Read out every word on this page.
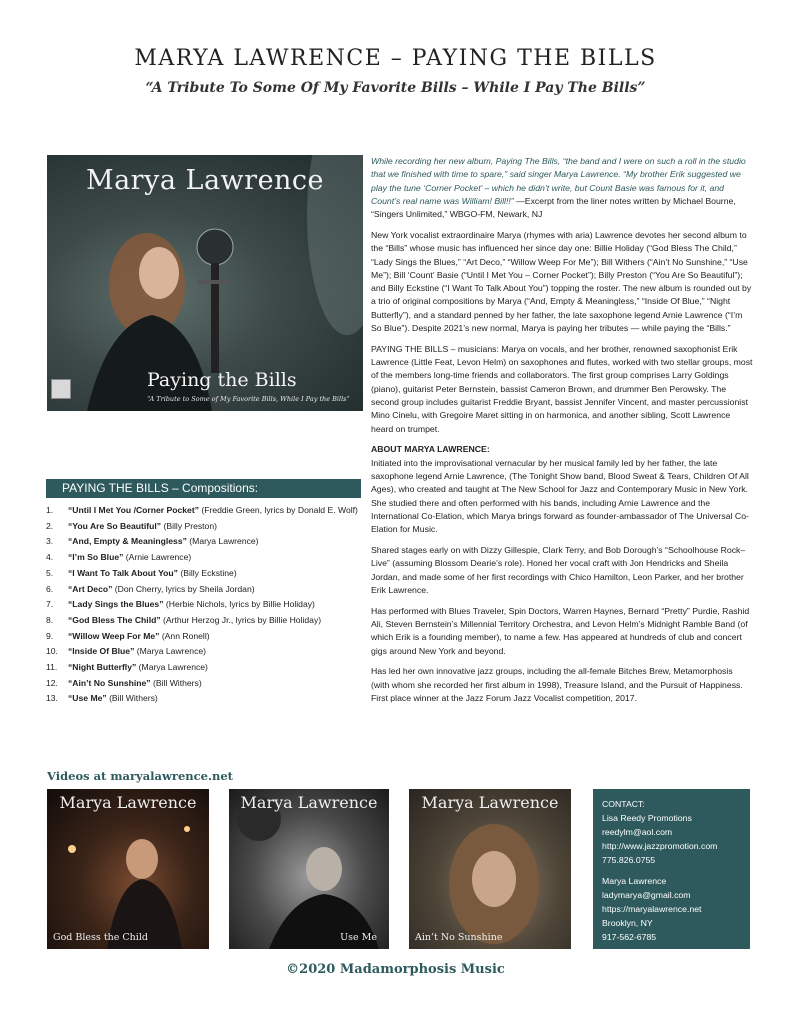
MARYA LAWRENCE – PAYING THE BILLS
“A Tribute To Some Of My Favorite Bills – While I Pay The Bills”
Marya Lawrence
Paying the Bills
“A Tribute to Some of My Favorite Bills, While I Pay the Bills”
PAYING THE BILLS – Compositions:
1. “Until I Met You /Corner Pocket” (Freddie Green, lyrics by Donald E. Wolf)
2. “You Are So Beautiful” (Billy Preston)
3. “And, Empty & Meaningless” (Marya Lawrence)
4. “I’m So Blue” (Arnie Lawrence)
5. “I Want To Talk About You” (Billy Eckstine)
6. “Art Deco” (Don Cherry, lyrics by Sheila Jordan)
7. “Lady Sings the Blues” (Herbie Nichols, lyrics by Billie Holiday)
8. “God Bless The Child” (Arthur Herzog Jr., lyrics by Billie Holiday)
9. “Willow Weep For Me” (Ann Ronell)
10. “Inside Of Blue” (Marya Lawrence)
11. “Night Butterfly” (Marya Lawrence)
12. “Ain’t No Sunshine” (Bill Withers)
13. “Use Me” (Bill Withers)

While recording her new album, Paying The Bills, “the band and I were on such a roll in the studio that we finished with time to spare,” said singer Marya Lawrence. “My brother Erik suggested we play the tune ‘Corner Pocket’ – which he didn’t write, but Count Basie was famous for it, and Count’s real name was William! Bill!!” —Excerpt from the liner notes written by Michael Bourne, “Singers Unlimited,” WBGO-FM, Newark, NJ

New York vocalist extraordinaire Marya (rhymes with aria) Lawrence devotes her second album to the “Bills” whose music has influenced her since day one: Billie Holiday (“God Bless The Child,” “Lady Sings the Blues,” “Art Deco,” “Willow Weep For Me”); Bill Withers (“Ain’t No Sunshine,” “Use Me”); Bill ‘Count’ Basie (“Until I Met You – Corner Pocket”); Billy Preston (“You Are So Beautiful”); and Billy Eckstine (“I Want To Talk About You”) topping the roster. The new album is rounded out by a trio of original compositions by Marya (“And, Empty & Meaningless,” “Inside Of Blue,” “Night Butterfly”), and a standard penned by her father, the late saxophone legend Arnie Lawrence (“I’m So Blue”). Despite 2021’s new normal, Marya is paying her tributes — while paying the “Bills.”

PAYING THE BILLS – musicians: Marya on vocals, and her brother, renowned saxophonist Erik Lawrence (Little Feat, Levon Helm) on saxophones and flutes, worked with two stellar groups, most of the members long-time friends and collaborators. The first group comprises Larry Goldings (piano), guitarist Peter Bernstein, bassist Cameron Brown, and drummer Ben Perowsky. The second group includes guitarist Freddie Bryant, bassist Jennifer Vincent, and master percussionist Mino Cinelu, with Gregoire Maret sitting in on harmonica, and another sibling, Scott Lawrence heard on trumpet.

ABOUT MARYA LAWRENCE:

Initiated into the improvisational vernacular by her musical family led by her father, the late saxophone legend Arnie Lawrence, (The Tonight Show band, Blood Sweat & Tears, Children Of All Ages), who created and taught at The New School for Jazz and Contemporary Music in New York. She studied there and often performed with his bands, including Arnie Lawrence and the International Co-Elation, which Marya brings forward as founder-ambassador of The Universal Co-Elation for Music.

Shared stages early on with Dizzy Gillespie, Clark Terry, and Bob Dorough’s “Schoolhouse Rock–Live” (assuming Blossom Dearie’s role). Honed her vocal craft with Jon Hendricks and Sheila Jordan, and made some of her first recordings with Chico Hamilton, Leon Parker, and her brother Erik Lawrence.

Has performed with Blues Traveler, Spin Doctors, Warren Haynes, Bernard “Pretty” Purdie, Rashid Ali, Steven Bernstein’s Millennial Territory Orchestra, and Levon Helm’s Midnight Ramble Band (of which Erik is a founding member), to name a few. Has appeared at hundreds of club and concert gigs around New York and beyond.

Has led her own innovative jazz groups, including the all-female Bitches Brew, Metamorphosis (with whom she recorded her first album in 1998), Treasure Island, and the Pursuit of Happiness. First place winner at the Jazz Forum Jazz Vocalist competition, 2017.

Videos at maryalawrence.net
Marya Lawrence
God Bless the Child
Marya Lawrence
Use Me
Marya Lawrence
Ain’t No Sunshine
CONTACT:
Lisa Reedy Promotions
reedylm@aol.com
http://www.jazzpromotion.com
775.826.0755
Marya Lawrence
ladymarya@gmail.com
https://maryalawrence.net
Brooklyn, NY
917-562-6785
©2020 Madamorphosis Music
